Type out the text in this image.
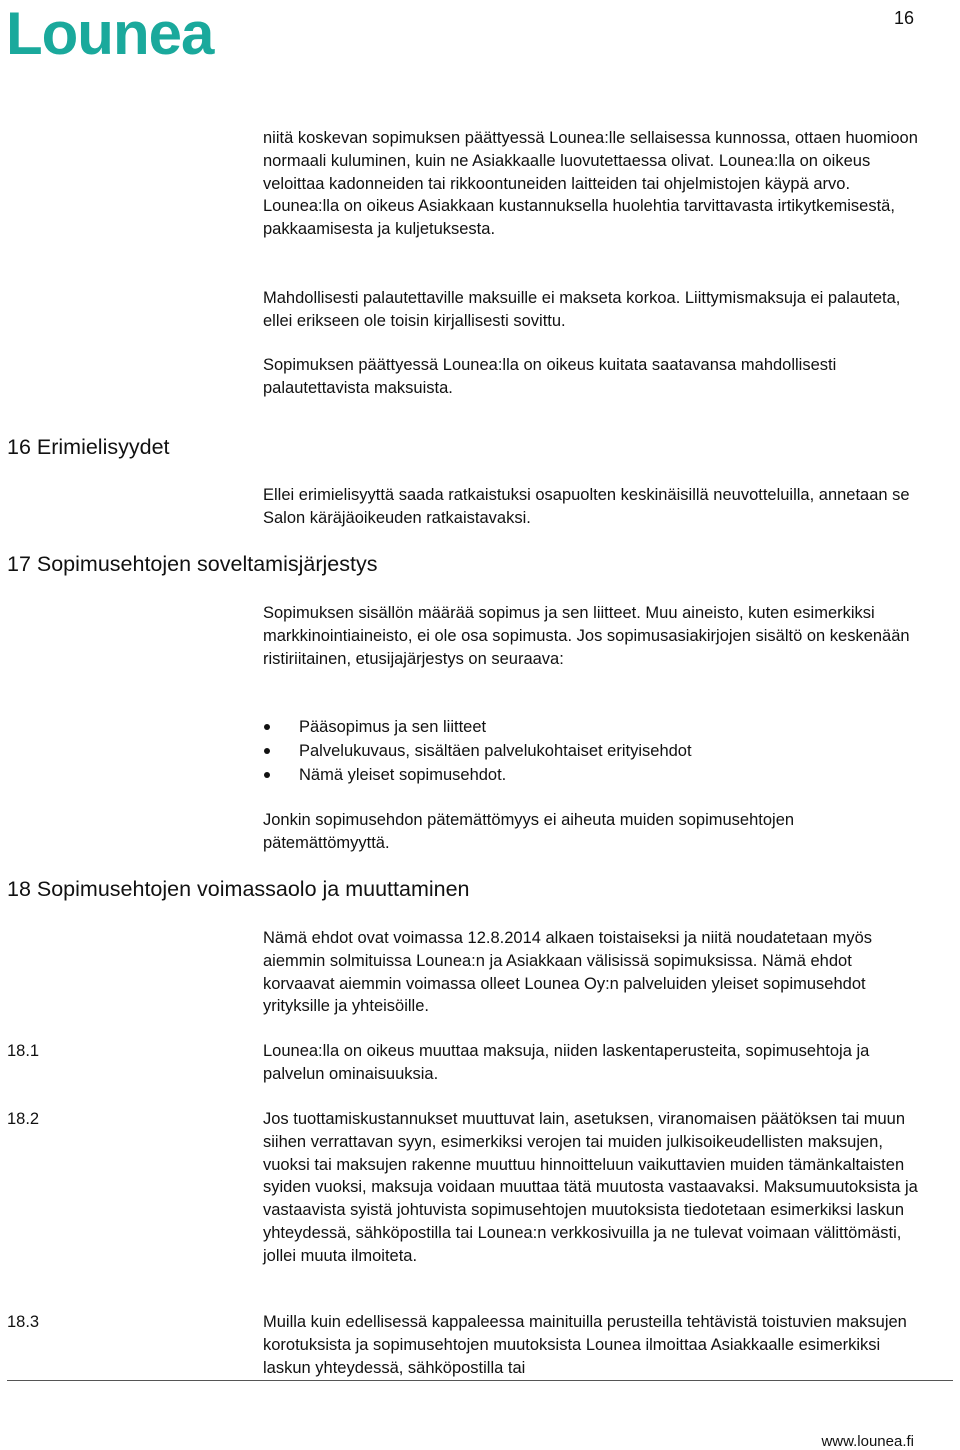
Lounea	16

niitä koskevan sopimuksen päättyessä Lounea:lle sellaisessa kunnossa, ottaen huomioon normaali kuluminen, kuin ne Asiakkaalle luovutettaessa olivat. Lounea:lla on oikeus veloittaa kadonneiden tai rikkoontuneiden laitteiden tai ohjelmistojen käypä arvo. Lounea:lla on oikeus Asiakkaan kustannuksella huolehtia tarvittavasta irtikytkemisestä, pakkaamisesta ja kuljetuksesta.

Mahdollisesti palautettaville maksuille ei makseta korkoa. Liittymismaksuja ei palauteta, ellei erikseen ole toisin kirjallisesti sovittu.

Sopimuksen päättyessä Lounea:lla on oikeus kuitata saatavansa mahdollisesti palautettavista maksuista.

16 Erimielisyydet

Ellei erimielisyyttä saada ratkaistuksi osapuolten keskinäisillä neuvotteluilla, annetaan se Salon käräjäoikeuden ratkaistavaksi.

17 Sopimusehtojen soveltamisjärjestys

Sopimuksen sisällön määrää sopimus ja sen liitteet. Muu aineisto, kuten esimerkiksi markkinointiaineisto, ei ole osa sopimusta. Jos sopimusasiakirjojen sisältö on keskenään ristiriitainen, etusijajärjestys on seuraava:

Pääsopimus ja sen liitteet
Palvelukuvaus, sisältäen palvelukohtaiset erityisehdot
Nämä yleiset sopimusehdot.

Jonkin sopimusehdon pätemättömyys ei aiheuta muiden sopimusehtojen pätemättömyyttä.

18 Sopimusehtojen voimassaolo ja muuttaminen

Nämä ehdot ovat voimassa 12.8.2014 alkaen toistaiseksi ja niitä noudatetaan myös aiemmin solmituissa Lounea:n ja Asiakkaan välisissä sopimuksissa. Nämä ehdot korvaavat aiemmin voimassa olleet Lounea Oy:n palveluiden yleiset sopimusehdot yrityksille ja yhteisöille.

18.1	Lounea:lla on oikeus muuttaa maksuja, niiden laskentaperusteita, sopimusehtoja ja palvelun ominaisuuksia.

18.2	Jos tuottamiskustannukset muuttuvat lain, asetuksen, viranomaisen päätöksen tai muun siihen verrattavan syyn, esimerkiksi verojen tai muiden julkisoikeudellisten maksujen, vuoksi tai maksujen rakenne muuttuu hinnoitteluun vaikuttavien muiden tämänkaltaisten syiden vuoksi, maksuja voidaan muuttaa tätä muutosta vastaavaksi. Maksumuutoksista ja vastaavista syistä johtuvista sopimusehtojen muutoksista tiedotetaan esimerkiksi laskun yhteydessä, sähköpostilla tai Lounea:n verkkosivuilla ja ne tulevat voimaan välittömästi, jollei muuta ilmoiteta.

18.3	Muilla kuin edellisessä kappaleessa mainituilla perusteilla tehtävistä toistuvien maksujen korotuksista ja sopimusehtojen muutoksista Lounea ilmoittaa Asiakkaalle esimerkiksi laskun yhteydessä, sähköpostilla tai

www.lounea.fi
